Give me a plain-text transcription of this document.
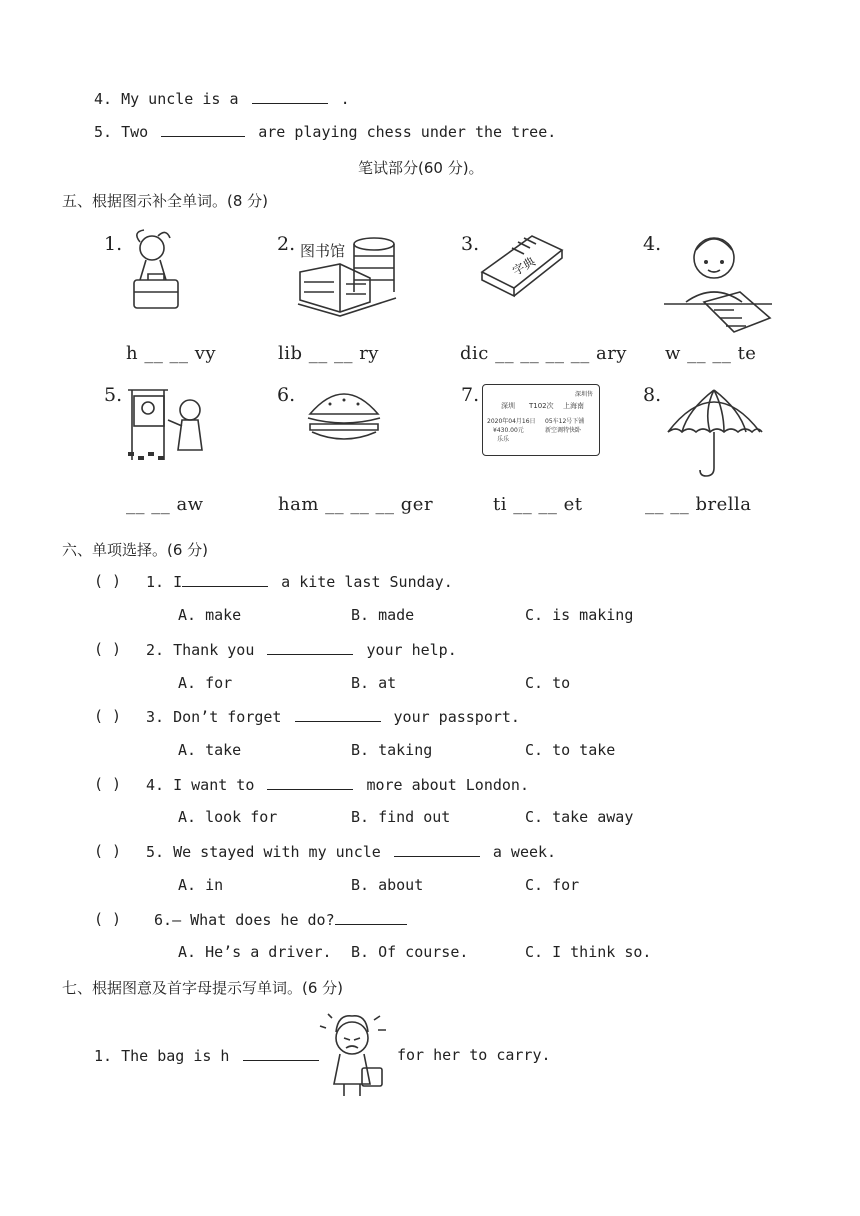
4. My uncle is a	.
5. Two	are playing chess under the tree.
笔试部分(60 分)。
五、根据图示补全单词。(8 分)
1.	2.	3.	4.
5.	6.	7.	8.
图书馆
字典
h __ __ vy	lib __ __ ry	dic __ __ __ __ ary w __ __ te
深圳售
深圳 T102次 上海南
2020年04月16日 05车12号下铺
¥430.00元	新空调特快卧
乐乐
__ __ aw	ham __ __ __ ger	ti __ __ et	__ __ brella
六、单项选择。(6 分)
( ) 1. I	a kite last Sunday.
A. make	B. made	C. is making
( ) 2. Thank you	your help.
A. for	B. at	C. to
( ) 3. Don’t forget	your passport.
A. take	B. taking	C. to take
( ) 4. I want to	more about London.
A. look for	B. find out	C. take away
( ) 5. We stayed with my uncle	a week.
A. in	B. about	C. for
( ) 6.— What does he do?
A. He’s a driver. B. Of course.	C. I think so.
七、根据图意及首字母提示写单词。(6 分)
1. The bag is h	for her to carry.
